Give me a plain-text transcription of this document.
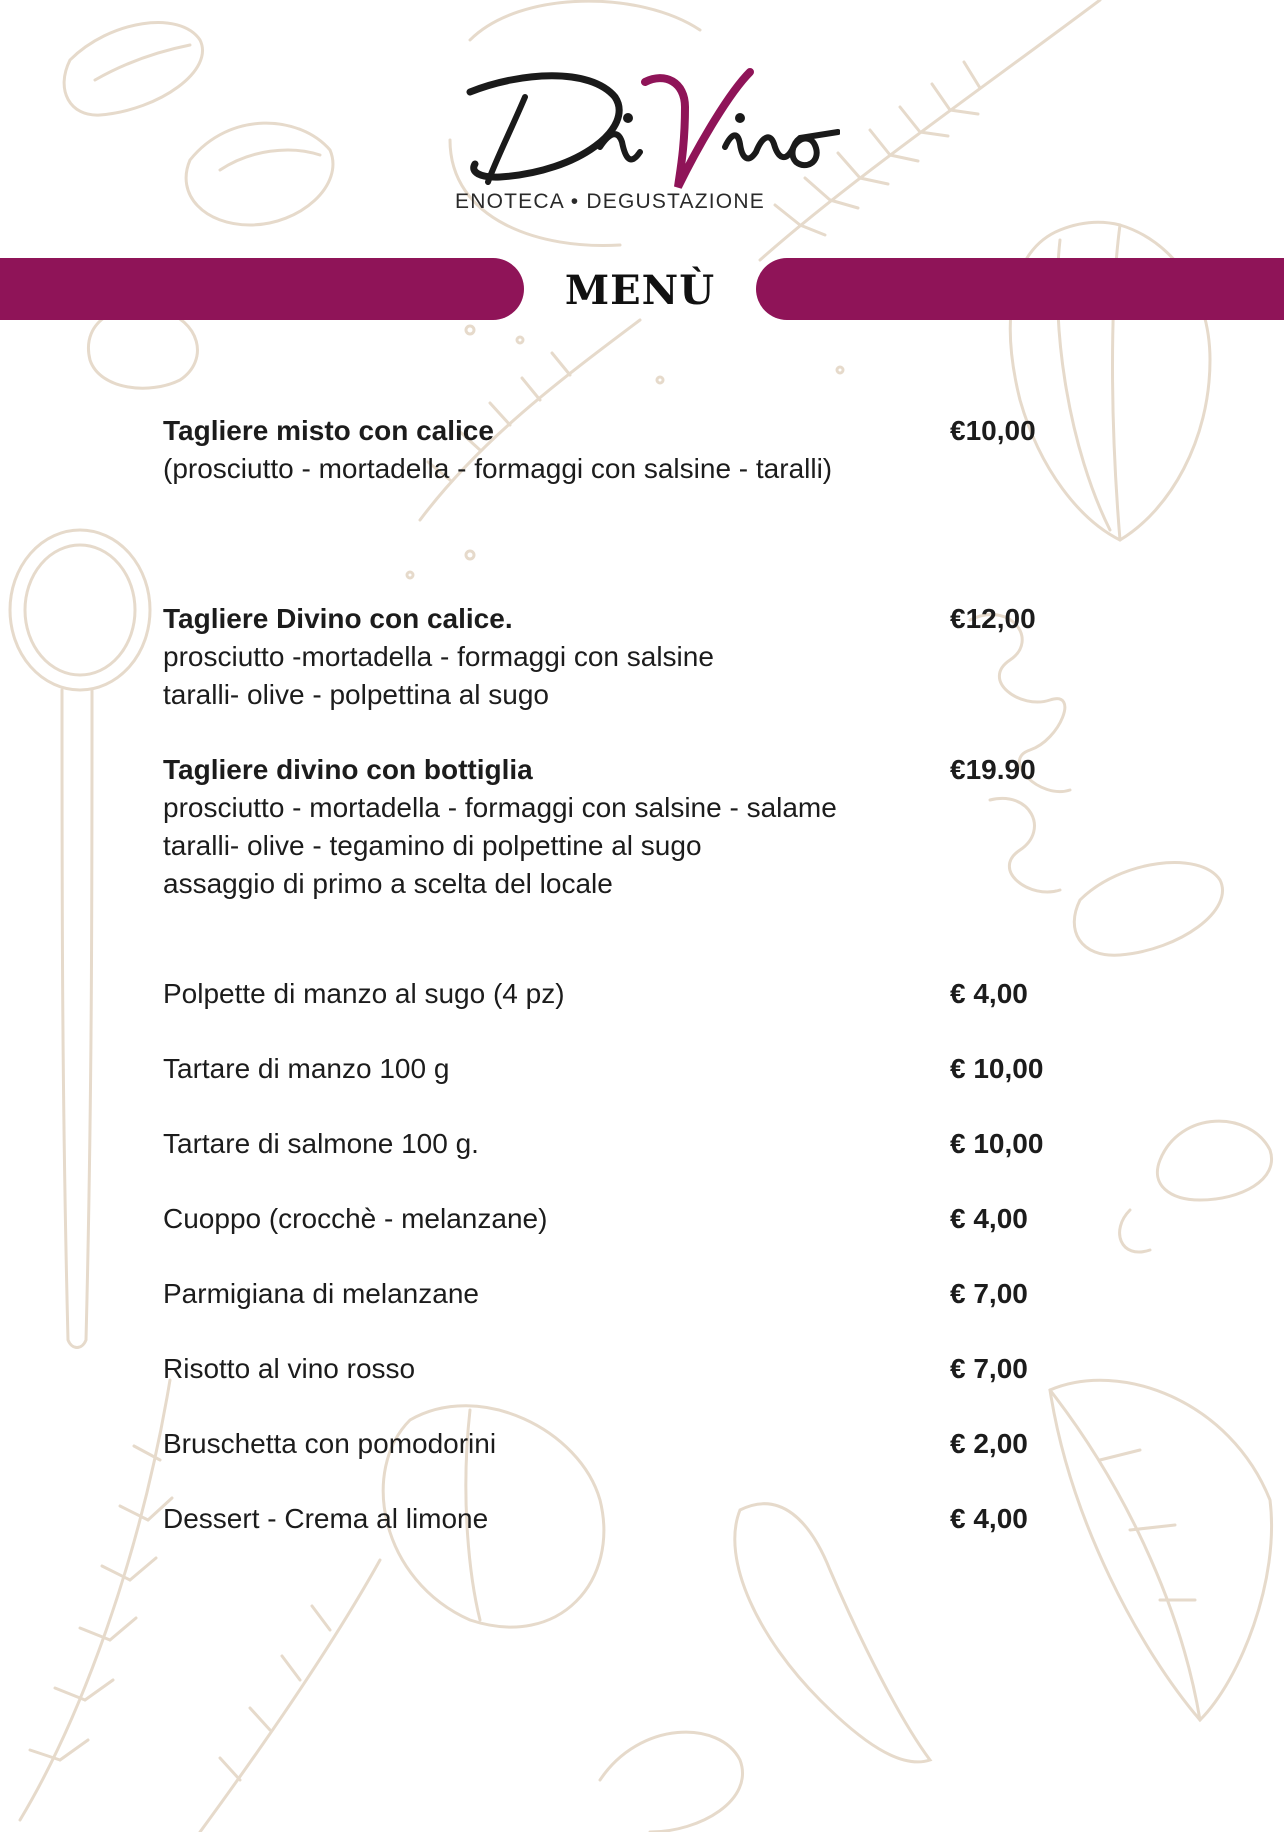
ENOTECA • DEGUSTAZIONE
MENÙ
Tagliere misto con calice
(prosciutto - mortadella - formaggi con salsine - taralli)
€10,00
Tagliere Divino con calice.
prosciutto -mortadella - formaggi con salsine
taralli- olive - polpettina al sugo
€12,00
Tagliere divino con bottiglia
prosciutto - mortadella - formaggi con salsine - salame
taralli- olive - tegamino di polpettine al sugo
assaggio di primo a scelta del locale
€19.90
Polpette di manzo al sugo (4 pz)	€ 4,00
Tartare di manzo 100 g	€ 10,00
Tartare di salmone 100 g.	€ 10,00
Cuoppo (crocchè - melanzane)	€ 4,00
Parmigiana di melanzane	€ 7,00
Risotto al vino rosso	€ 7,00
Bruschetta con pomodorini	€ 2,00
Dessert - Crema al limone	€ 4,00
